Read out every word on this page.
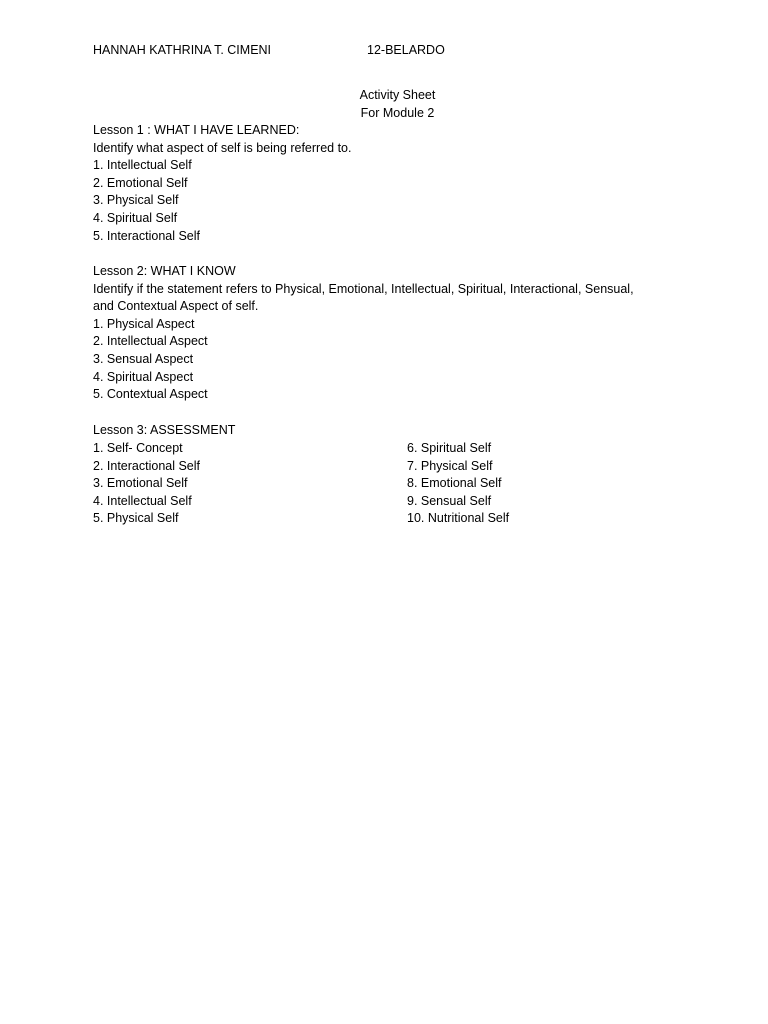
HANNAH KATHRINA T. CIMENI	12-BELARDO
Activity Sheet
For Module 2
Lesson 1 : WHAT I HAVE LEARNED:
Identify what aspect of self is being referred to.
1. Intellectual Self
2. Emotional Self
3. Physical Self
4. Spiritual Self
5. Interactional Self
Lesson 2: WHAT I KNOW
Identify if the statement refers to Physical, Emotional, Intellectual, Spiritual, Interactional, Sensual,
and Contextual Aspect of self.
1. Physical Aspect
2. Intellectual Aspect
3. Sensual Aspect
4. Spiritual Aspect
5. Contextual Aspect
Lesson 3: ASSESSMENT
1. Self- Concept
2. Interactional Self
3. Emotional Self
4. Intellectual Self
5. Physical Self
6. Spiritual Self
7. Physical Self
8. Emotional Self
9. Sensual Self
10. Nutritional Self
